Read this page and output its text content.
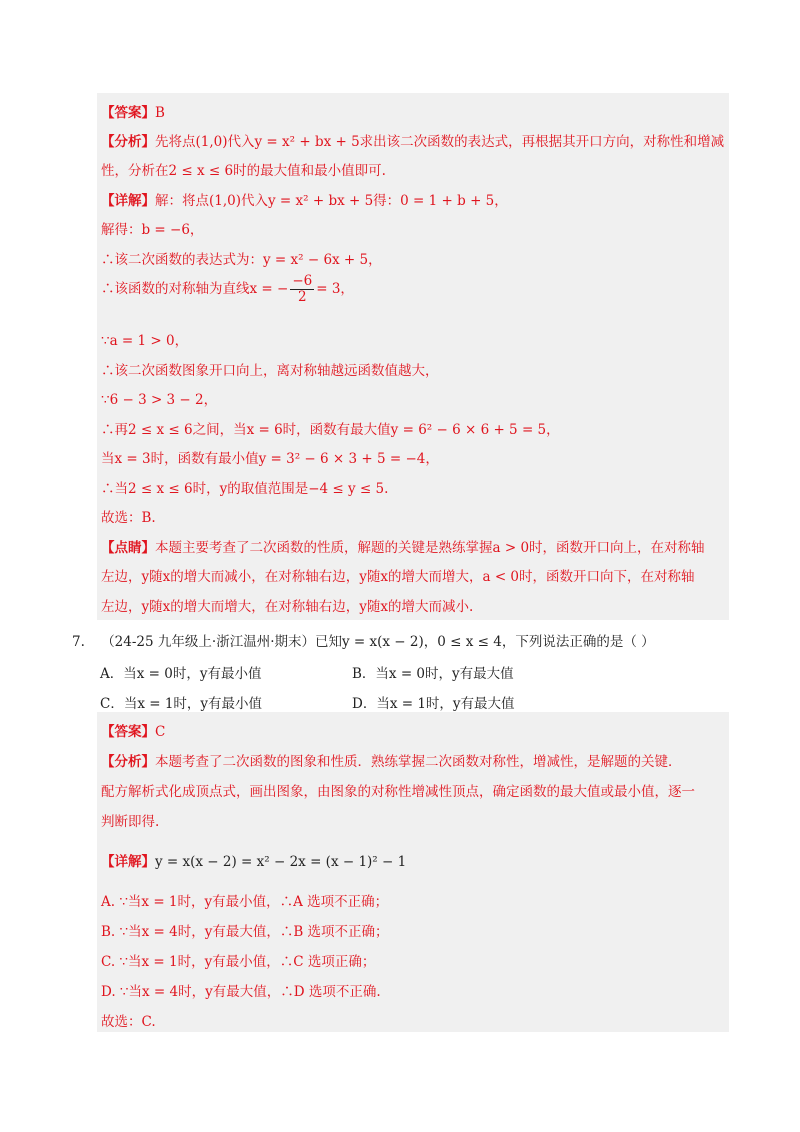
【答案】B
【分析】先将点(1,0)代入y = x² + bx + 5求出该二次函数的表达式，再根据其开口方向，对称性和增减
性，分析在2 ≤ x ≤ 6时的最大值和最小值即可.
【详解】解：将点(1,0)代入y = x² + bx + 5得：0 = 1 + b + 5，
解得：b = −6，
∴该二次函数的表达式为：y = x² − 6x + 5，
∴该函数的对称轴为直线x = − $\frac{-6}{2} = 3$，
∵a = 1 > 0，
∴该二次函数图象开口向上，离对称轴越远函数值越大，
∵6 − 3 > 3 − 2，
∴再2 ≤ x ≤ 6之间，当x = 6时，函数有最大值y = 6² − 6 × 6 + 5 = 5，
当x = 3时，函数有最小值y = 3² − 6 × 3 + 5 = −4，
∴当2 ≤ x ≤ 6时，y的取值范围是−4 ≤ y ≤ 5.
故选：B.
【点睛】本题主要考查了二次函数的性质，解题的关键是熟练掌握a > 0时，函数开口向上，在对称轴
左边，y随x的增大而减小，在对称轴右边，y随x的增大而增大，a < 0时，函数开口向下，在对称轴
左边，y随x的增大而增大，在对称轴右边，y随x的增大而减小.
7. （24-25 九年级上·浙江温州·期末）已知y = x(x − 2)，0 ≤ x ≤ 4，下列说法正确的是（ ）
A．当x = 0时，y有最小值	B．当x = 0时，y有最大值
C．当x = 1时，y有最小值	D．当x = 1时，y有最大值
【答案】C
【分析】本题考查了二次函数的图象和性质．熟练掌握二次函数对称性，增减性，是解题的关键．
配方解析式化成顶点式，画出图象，由图象的对称性增减性顶点，确定函数的最大值或最小值，逐一
判断即得.
【详解】y = x(x − 2) = x² − 2x = (x − 1)² − 1
A. ∵当x = 1时，y有最小值，∴A 选项不正确；
B. ∵当x = 4时，y有最大值，∴B 选项不正确；
C. ∵当x = 1时，y有最小值，∴C 选项正确；
D. ∵当x = 4时，y有最大值，∴D 选项不正确.
故选：C.
